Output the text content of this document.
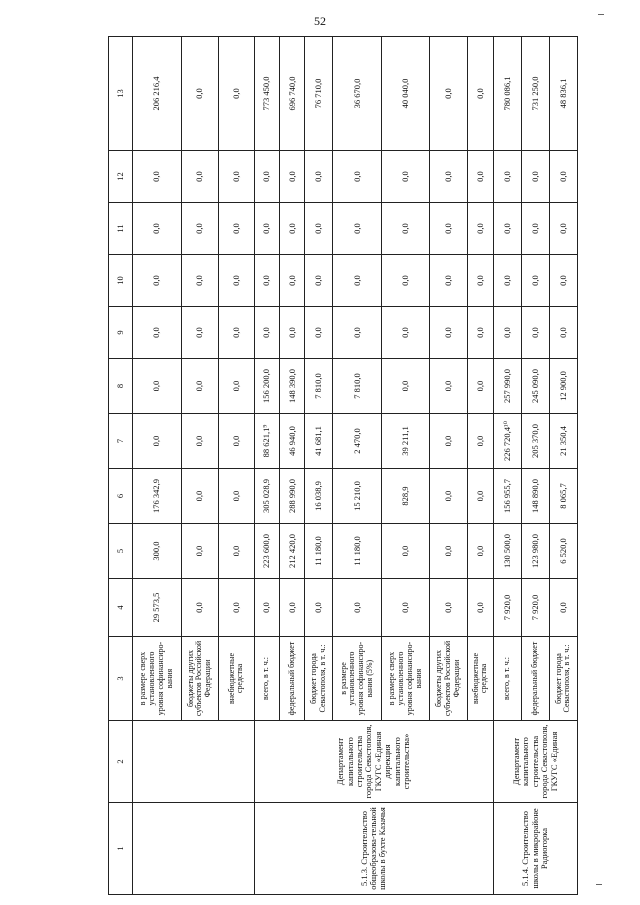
52
1	2	3	4	5	6	7	8	9	10	11	12	13
		в размере сверх установленного уровня софинансиро-вания	29 573,5	300,0	176 342,9	0,0	0,0	0,0	0,0	0,0	0,0	206 216,4
		бюджеты других субъектов Российской Федерации	0,0	0,0	0,0	0,0	0,0	0,0	0,0	0,0	0,0	0,0
		внебюджетные средства	0,0	0,0	0,0	0,0	0,0	0,0	0,0	0,0	0,0	0,0
5.1.3. Строительство общеобразова-тельной школы в бухте Казачья	Департамент капитального строительства города Севастополя, ГКУГС «Единая дирекция капитального строительства»	всего, в т. ч.:	0,0	223 600,0	305 028,9	88 621,1⁹	156 200,0	0,0	0,0	0,0	0,0	773 450,0
		федеральный бюджет	0,0	212 420,0	288 990,0	46 940,0	148 390,0	0,0	0,0	0,0	0,0	696 740,0
		бюджет города Севастополя, в т. ч.:	0,0	11 180,0	16 038,9	41 681,1	7 810,0	0,0	0,0	0,0	0,0	76 710,0
		в размере установленного уровня софинансиро-вания (5%)	0,0	11 180,0	15 210,0	2 470,0	7 810,0	0,0	0,0	0,0	0,0	36 670,0
		в размере сверх установленного уровня софинансиро-вания	0,0	0,0	828,9	39 211,1	0,0	0,0	0,0	0,0	0,0	40 040,0
		бюджеты других субъектов Российской Федерации	0,0	0,0	0,0	0,0	0,0	0,0	0,0	0,0	0,0	0,0
		внебюджетные средства	0,0	0,0	0,0	0,0	0,0	0,0	0,0	0,0	0,0	0,0
5.1.4. Строительство школы в микрорайоне Радиогорка	Департамент капитального строительства города Севастополя, ГКУГС «Единая	всего, в т. ч.:	7 920,0	130 500,0	156 955,7	226 720,4¹⁰	257 990,0	0,0	0,0	0,0	0,0	780 086,1
		федеральный бюджет	7 920,0	123 980,0	148 890,0	205 370,0	245 090,0	0,0	0,0	0,0	0,0	731 250,0
		бюджет города Севастополя, в т. ч.:	0,0	6 520,0	8 065,7	21 350,4	12 900,0	0,0	0,0	0,0	0,0	48 836,1
